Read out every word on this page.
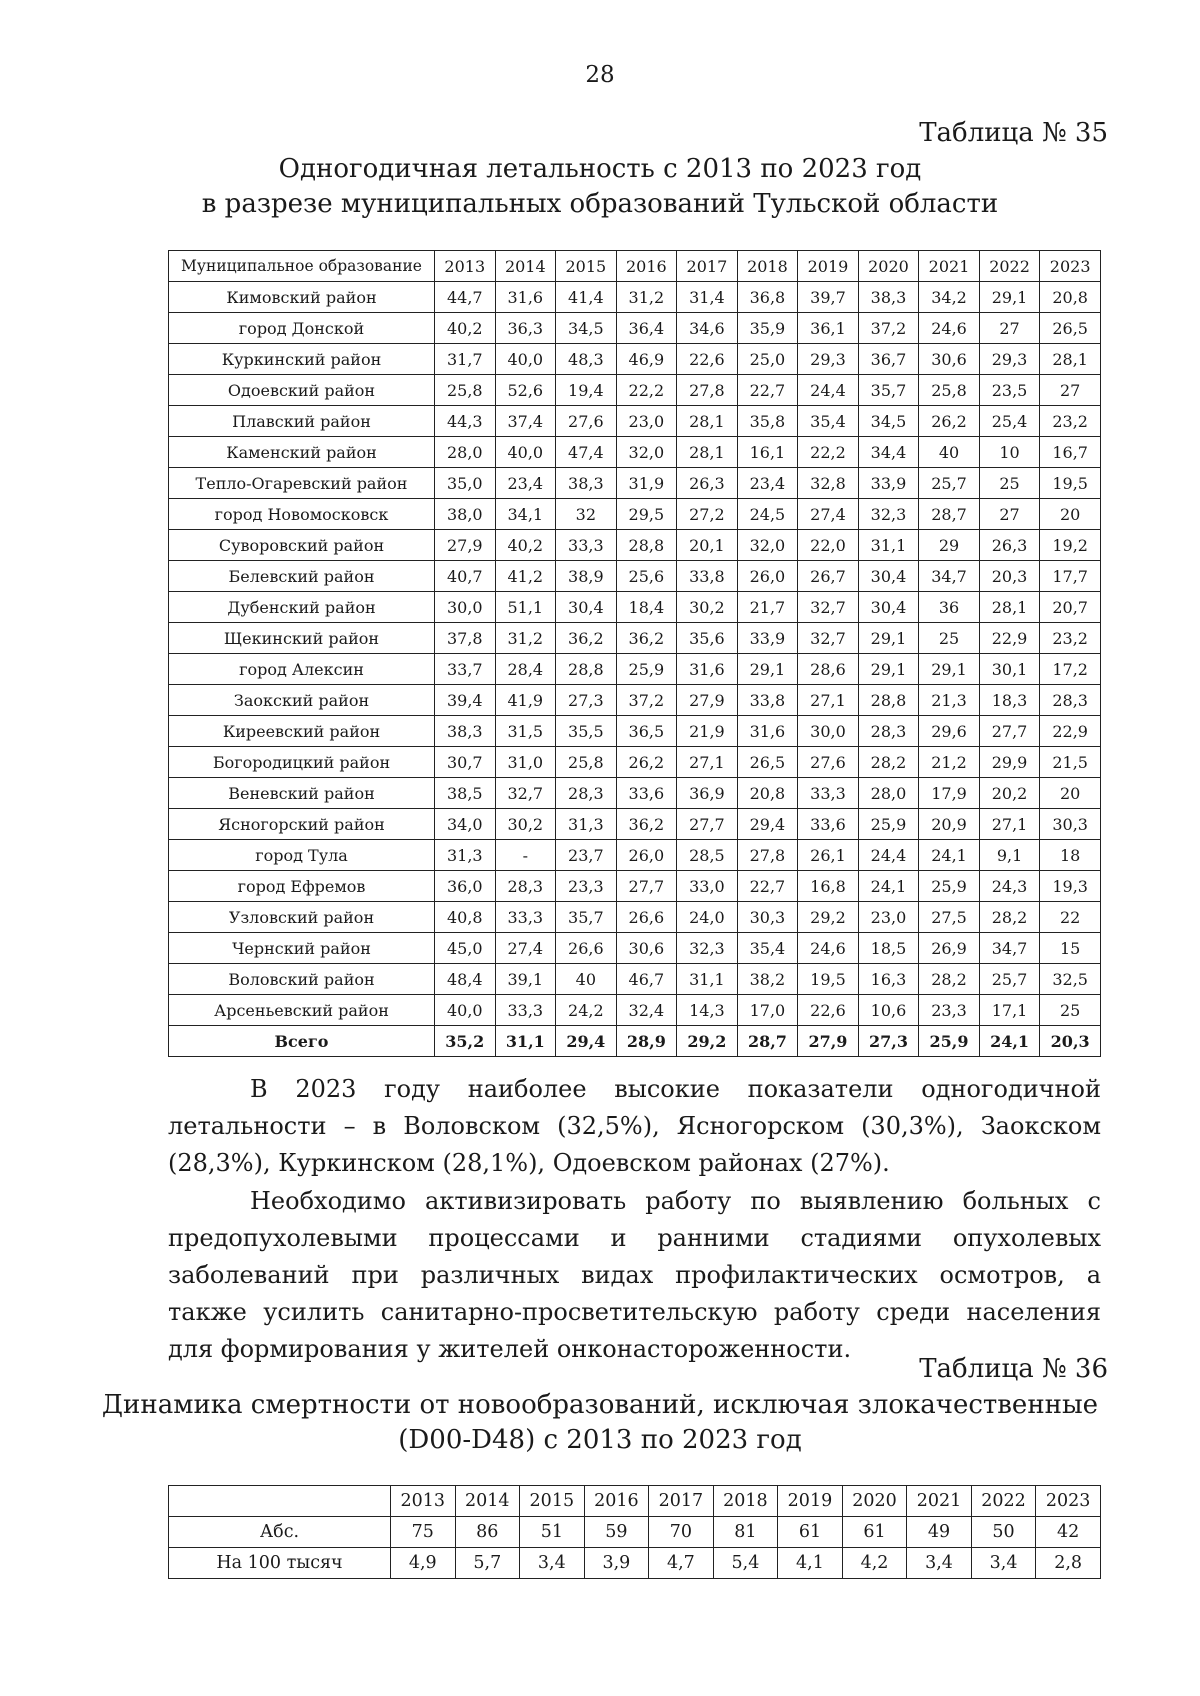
28
Таблица № 35
Одногодичная летальность с 2013 по 2023 год
в разрезе муниципальных образований Тульской области
Муниципальное образование	2013	2014	2015	2016	2017	2018	2019	2020	2021	2022	2023
Кимовский район	44,7	31,6	41,4	31,2	31,4	36,8	39,7	38,3	34,2	29,1	20,8
город Донской	40,2	36,3	34,5	36,4	34,6	35,9	36,1	37,2	24,6	27	26,5
Куркинский район	31,7	40,0	48,3	46,9	22,6	25,0	29,3	36,7	30,6	29,3	28,1
Одоевский район	25,8	52,6	19,4	22,2	27,8	22,7	24,4	35,7	25,8	23,5	27
Плавский район	44,3	37,4	27,6	23,0	28,1	35,8	35,4	34,5	26,2	25,4	23,2
Каменский район	28,0	40,0	47,4	32,0	28,1	16,1	22,2	34,4	40	10	16,7
Тепло-Огаревский район	35,0	23,4	38,3	31,9	26,3	23,4	32,8	33,9	25,7	25	19,5
город Новомосковск	38,0	34,1	32	29,5	27,2	24,5	27,4	32,3	28,7	27	20
Суворовский район	27,9	40,2	33,3	28,8	20,1	32,0	22,0	31,1	29	26,3	19,2
Белевский район	40,7	41,2	38,9	25,6	33,8	26,0	26,7	30,4	34,7	20,3	17,7
Дубенский район	30,0	51,1	30,4	18,4	30,2	21,7	32,7	30,4	36	28,1	20,7
Щекинский район	37,8	31,2	36,2	36,2	35,6	33,9	32,7	29,1	25	22,9	23,2
город Алексин	33,7	28,4	28,8	25,9	31,6	29,1	28,6	29,1	29,1	30,1	17,2
Заокский район	39,4	41,9	27,3	37,2	27,9	33,8	27,1	28,8	21,3	18,3	28,3
Киреевский район	38,3	31,5	35,5	36,5	21,9	31,6	30,0	28,3	29,6	27,7	22,9
Богородицкий район	30,7	31,0	25,8	26,2	27,1	26,5	27,6	28,2	21,2	29,9	21,5
Веневский район	38,5	32,7	28,3	33,6	36,9	20,8	33,3	28,0	17,9	20,2	20
Ясногорский район	34,0	30,2	31,3	36,2	27,7	29,4	33,6	25,9	20,9	27,1	30,3
город Тула	31,3	-	23,7	26,0	28,5	27,8	26,1	24,4	24,1	9,1	18
город Ефремов	36,0	28,3	23,3	27,7	33,0	22,7	16,8	24,1	25,9	24,3	19,3
Узловский район	40,8	33,3	35,7	26,6	24,0	30,3	29,2	23,0	27,5	28,2	22
Чернский район	45,0	27,4	26,6	30,6	32,3	35,4	24,6	18,5	26,9	34,7	15
Воловский район	48,4	39,1	40	46,7	31,1	38,2	19,5	16,3	28,2	25,7	32,5
Арсеньевский район	40,0	33,3	24,2	32,4	14,3	17,0	22,6	10,6	23,3	17,1	25
Всего	35,2	31,1	29,4	28,9	29,2	28,7	27,9	27,3	25,9	24,1	20,3
В 2023 году наиболее высокие показатели одногодичной летальности – в Воловском (32,5%), Ясногорском (30,3%), Заокском (28,3%), Куркинском (28,1%), Одоевском районах (27%).
Необходимо активизировать работу по выявлению больных с предопухолевыми процессами и ранними стадиями опухолевых заболеваний при различных видах профилактических осмотров, а также усилить санитарно-просветительскую работу среди населения для формирования у жителей онконастороженности.
Таблица № 36
Динамика смертности от новообразований, исключая злокачественные
(D00-D48) с 2013 по 2023 год
	2013	2014	2015	2016	2017	2018	2019	2020	2021	2022	2023
Абс.	75	86	51	59	70	81	61	61	49	50	42
На 100 тысяч	4,9	5,7	3,4	3,9	4,7	5,4	4,1	4,2	3,4	3,4	2,8
